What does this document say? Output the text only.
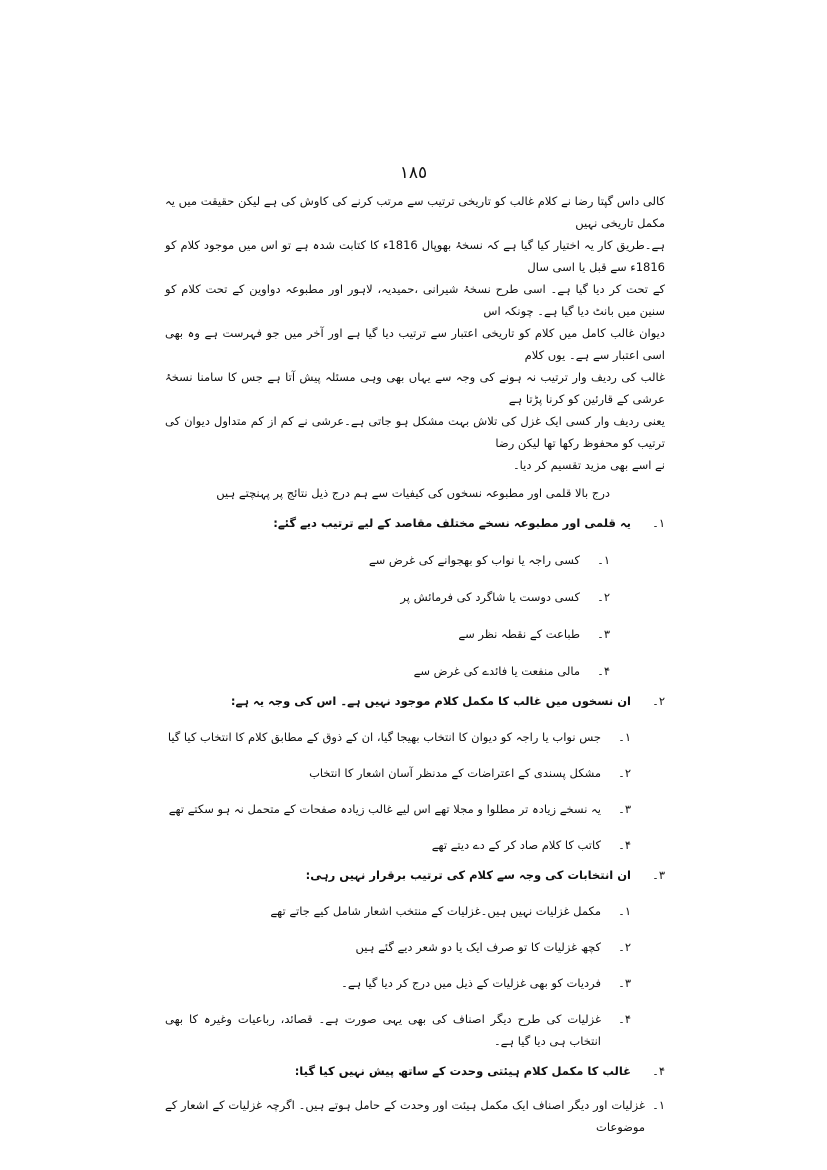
١٨٥

کالی داس گپتا رضا نے کلام غالب کو تاریخی ترتیب سے مرتب کرنے کی کاوش کی ہے لیکن حقیقت میں یہ مکمل تاریخی نہیں

ہے۔طریق کار یہ اختیار کیا گیا ہے کہ نسخۂ بھوپال 1816ء کا کتابت شدہ ہے تو اس میں موجود کلام کو 1816ء سے قبل یا اسی سال

کے تحت کر دیا گیا ہے۔ اسی طرح نسخۂ شیرانی ،حمیدیہ، لاہور اور مطبوعہ دواوین کے تحت کلام کو سنین میں بانٹ دیا گیا ہے۔ چونکہ اس

دیوان غالب کامل میں کلام کو تاریخی اعتبار سے ترتیب دیا گیا ہے اور آخر میں جو فہرست ہے وہ بھی اسی اعتبار سے ہے۔ یوں کلام

غالب کی ردیف وار ترتیب نہ ہونے کی وجہ سے یہاں بھی وہی مسئلہ پیش آتا ہے جس کا سامنا نسخۂ عرشی کے قارئین کو کرنا پڑتا ہے

یعنی ردیف وار کسی ایک غزل کی تلاش بہت مشکل ہو جاتی ہے۔عرشی نے کم از کم متداول دیوان کی ترتیب کو محفوظ رکھا تھا لیکن رضا

نے اسے بھی مزید تقسیم کر دیا۔

درج بالا قلمی اور مطبوعہ نسخوں کی کیفیات سے ہم درج ذیل نتائج پر پہنچتے ہیں

۱۔
یہ قلمی اور مطبوعہ نسخے مختلف مقاصد کے لیے ترتیب دیے گئے:
۱۔
کسی راجہ یا نواب کو بھجوانے کی غرض سے
۲۔
کسی دوست یا شاگرد کی فرمائش پر
۳۔
طباعت کے نقطہ نظر سے
۴۔
مالی منفعت یا فائدے کی غرض سے
۲۔
ان نسخوں میں غالب کا مکمل کلام موجود نہیں ہے۔ اس کی وجہ یہ ہے:
۱۔
جس نواب یا راجہ کو دیوان کا انتخاب بھیجا گیا، ان کے ذوق کے مطابق کلام کا انتخاب کیا گیا
۲۔
مشکل پسندی کے اعتراضات کے مدنظر آسان اشعار کا انتخاب
۳۔
یہ نسخے زیادہ تر مطلوا و مجلا تھے اس لیے غالب زیادہ صفحات کے متحمل نہ ہو سکتے تھے
۴۔
کاتب کا کلام صاد کر کے دے دیتے تھے
۳۔
ان انتخابات کی وجہ سے کلام کی ترتیب برقرار نہیں رہی:
۱۔
مکمل غزلیات نہیں ہیں۔غزلیات کے منتخب اشعار شامل کیے جاتے تھے
۲۔
کچھ غزلیات کا تو صرف ایک یا دو شعر دیے گئے ہیں
۳۔
فردیات کو بھی غزلیات کے ذیل میں درج کر دیا گیا ہے۔
۴۔
غزلیات کی طرح دیگر اصناف کی بھی یہی صورت ہے۔ قصائد، رباعیات وغیرہ کا بھی انتخاب ہی دیا گیا ہے۔
۴۔
غالب کا مکمل کلام ہیئتی وحدت کے ساتھ پیش نہیں کیا گیا:
۱۔
غزلیات اور دیگر اصناف ایک مکمل ہیئت اور وحدت کے حامل ہوتے ہیں۔ اگرچہ غزلیات کے اشعار کے موضوعات
